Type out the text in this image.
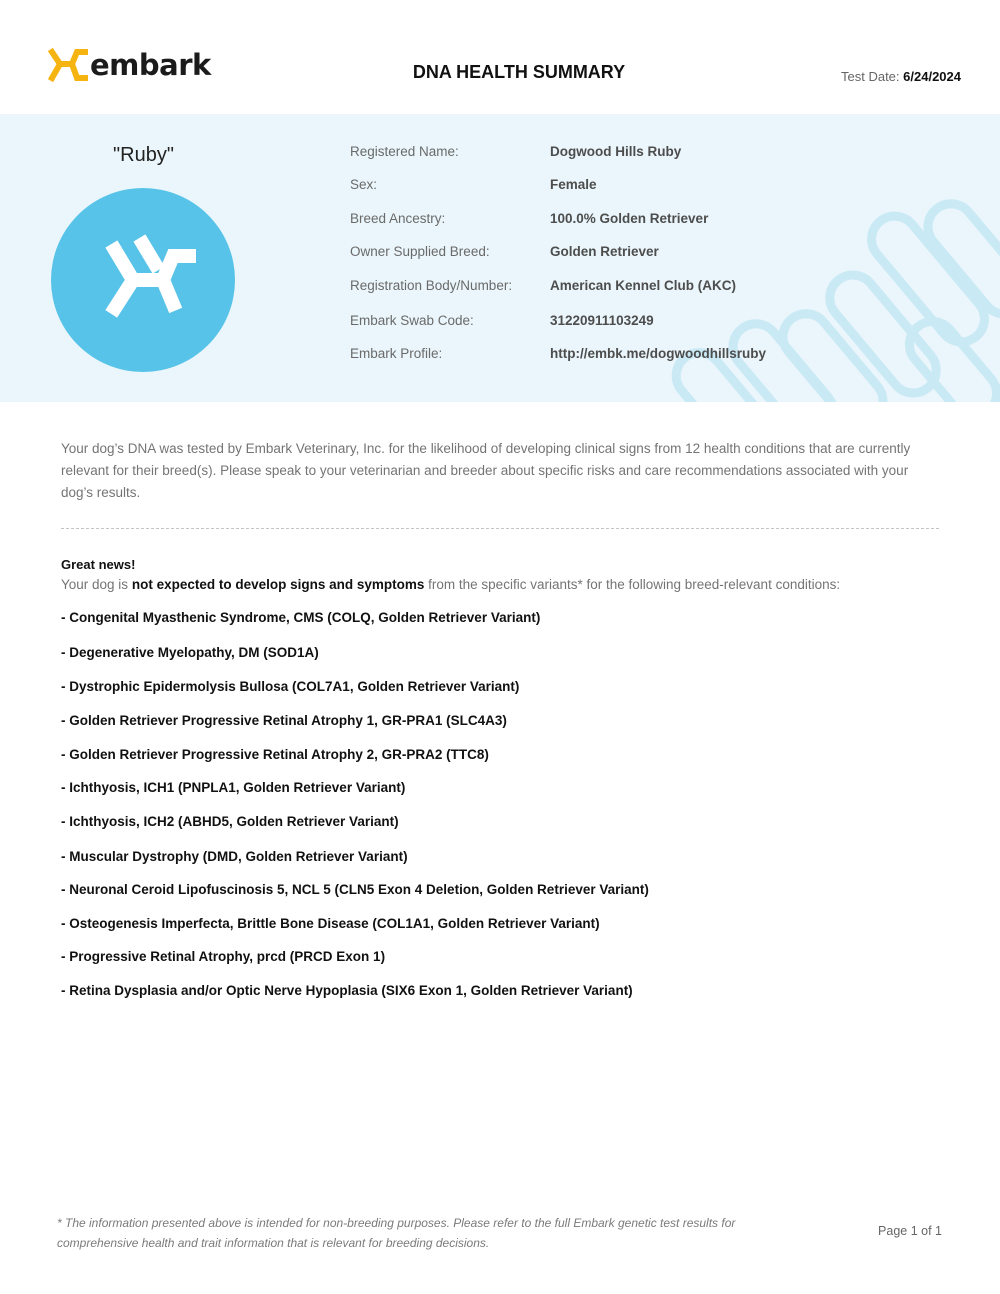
embark	DNA HEALTH SUMMARY	Test Date: 6/24/2024
"Ruby"	Registered Name:	Dogwood Hills Ruby
Sex:	Female
Breed Ancestry:	100.0% Golden Retriever
Owner Supplied Breed:	Golden Retriever
Registration Body/Number:	American Kennel Club (AKC)
Embark Swab Code:	31220911103249
Embark Profile:	http://embk.me/dogwoodhillsruby
Your dog’s DNA was tested by Embark Veterinary, Inc. for the likelihood of developing clinical signs from 12 health conditions that are currently relevant for their breed(s). Please speak to your veterinarian and breeder about specific risks and care recommendations associated with your dog’s results.
Great news!
Your dog is not expected to develop signs and symptoms from the specific variants* for the following breed-relevant conditions:
- Congenital Myasthenic Syndrome, CMS (COLQ, Golden Retriever Variant)
- Degenerative Myelopathy, DM (SOD1A)
- Dystrophic Epidermolysis Bullosa (COL7A1, Golden Retriever Variant)
- Golden Retriever Progressive Retinal Atrophy 1, GR-PRA1 (SLC4A3)
- Golden Retriever Progressive Retinal Atrophy 2, GR-PRA2 (TTC8)
- Ichthyosis, ICH1 (PNPLA1, Golden Retriever Variant)
- Ichthyosis, ICH2 (ABHD5, Golden Retriever Variant)
- Muscular Dystrophy (DMD, Golden Retriever Variant)
- Neuronal Ceroid Lipofuscinosis 5, NCL 5 (CLN5 Exon 4 Deletion, Golden Retriever Variant)
- Osteogenesis Imperfecta, Brittle Bone Disease (COL1A1, Golden Retriever Variant)
- Progressive Retinal Atrophy, prcd (PRCD Exon 1)
- Retina Dysplasia and/or Optic Nerve Hypoplasia (SIX6 Exon 1, Golden Retriever Variant)
* The information presented above is intended for non-breeding purposes. Please refer to the full Embark genetic test results for comprehensive health and trait information that is relevant for breeding decisions.
Page 1 of 1
